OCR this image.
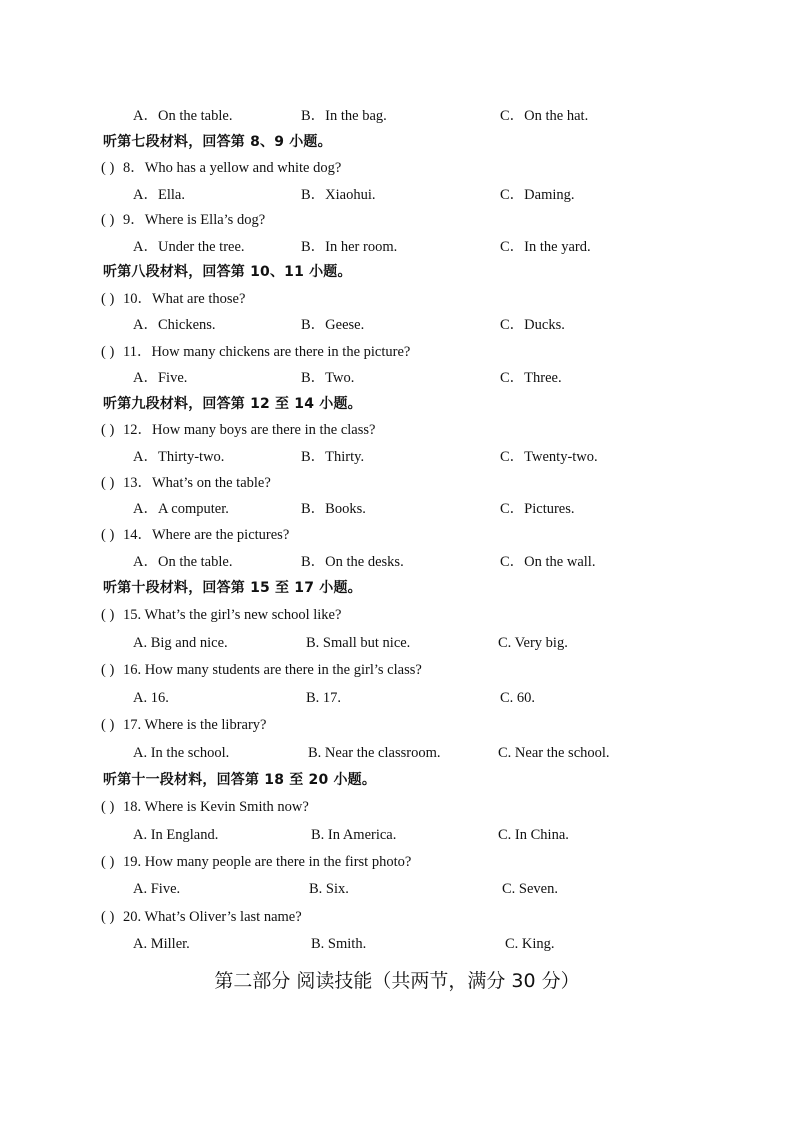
A．On the table.	B．In the bag.	C．On the hat.
听第七段材料，回答第 8、9 小题。
( ) 8．Who has a yellow and white dog?
A．Ella.	B．Xiaohui.	C．Daming.
( ) 9．Where is Ella’s dog?
A．Under the tree.	B．In her room.	C．In the yard.
听第八段材料，回答第 10、11 小题。
( ) 10．What are those?
A．Chickens.	B．Geese.	C．Ducks.
( ) 11．How many chickens are there in the picture?
A．Five.	B．Two.	C．Three.
听第九段材料，回答第 12 至 14 小题。
( ) 12．How many boys are there in the class?
A．Thirty-two.	B．Thirty.	C．Twenty-two.
( ) 13．What’s on the table?
A．A computer.	B．Books.	C．Pictures.
( ) 14．Where are the pictures?
A．On the table.	B．On the desks.	C．On the wall.
听第十段材料，回答第 15 至 17 小题。
( ) 15. What’s the girl’s new school like?
A. Big and nice.	B. Small but nice.	C. Very big.
( ) 16. How many students are there in the girl’s class?
A. 16.	B. 17.	C. 60.
( ) 17. Where is the library?
A. In the school.	B. Near the classroom.	C. Near the school.
听第十一段材料，回答第 18 至 20 小题。
( ) 18. Where is Kevin Smith now?
A. In England.	B. In America.	C. In China.
( ) 19. How many people are there in the first photo?
A. Five.	B. Six.	C. Seven.
( ) 20. What’s Oliver’s last name?
A. Miller.	B. Smith.	C. King.
第二部分 阅读技能（共两节，满分 30 分）
